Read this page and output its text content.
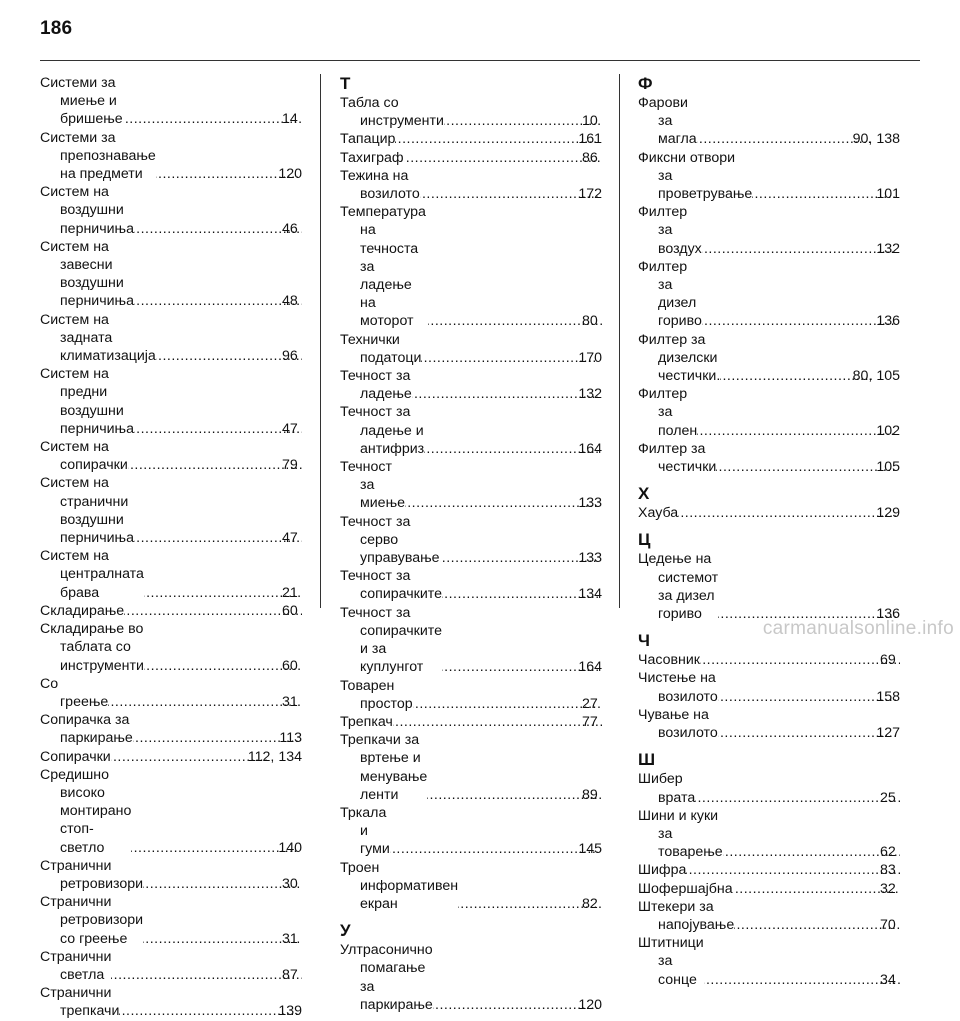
186
Системи за миење и бришење .....	14
Системи за препознавање на предмети .....	120
Систем на воздушни перничиња .....	46
Систем на завесни воздушни перничиња .....	48
Систем на задната климатизација .....	96
Систем на предни воздушни перничиња .....	47
Систем на сопирачки .....	79
Систем на странични воздушни перничиња .....	47
Систем на централната брава .....	21
Складирање .....	60
Складирање во таблата со инструменти .....	60
Со греење .....	31
Сопирачка за паркирање .....	113
Сопирачки .....	112, 134
Средишно високо монтирано стоп-светло .....	140
Странични ретровизори .....	30
Странични ретровизори со греење .....	31
Странични светла .....	87
Странични трепкачи .....	139
Т
Табла со инструменти .....	10
Тапацир .....	161
Тахиграф .....	86
Тежина на возилото .....	172
Температура на течноста за ладење на моторот .....	80
Технички податоци .....	170
Течност за ладење .....	132
Течност за ладење и антифриз .....	164
Течност за миење .....	133
Течност за серво управување .....	133
Течност за сопирачките .....	134
Течност за сопирачките и за куплунгот .....	164
Товарен простор .....	27
Трепкач .....	77
Трепкачи за вртење и менување ленти .....	89
Тркала и гуми .....	145
Троен информативен екран .....	82
У
Ултрасонично помагање за паркирање .....	120
Ф
Фарови за магла .....	90, 138
Фиксни отвори за проветрување .....	101
Филтер за воздух .....	132
Филтер за дизел гориво .....	136
Филтер за дизелски честички. .....	80, 105
Филтер за полен .....	102
Филтер за честички .....	105
Х
Хауба .....	129
Ц
Цедење на системот за дизел гориво .....	136
Ч
Часовник .....	69
Чистење на возилото .....	158
Чување на возилото .....	127
Ш
Шибер врата .....	25
Шини и куки за товарење .....	62
Шифра .....	83
Шофершајбна .....	32
Штекери за напојување .....	70
Штитници за сонце .....	34
carmanualsonline.info
